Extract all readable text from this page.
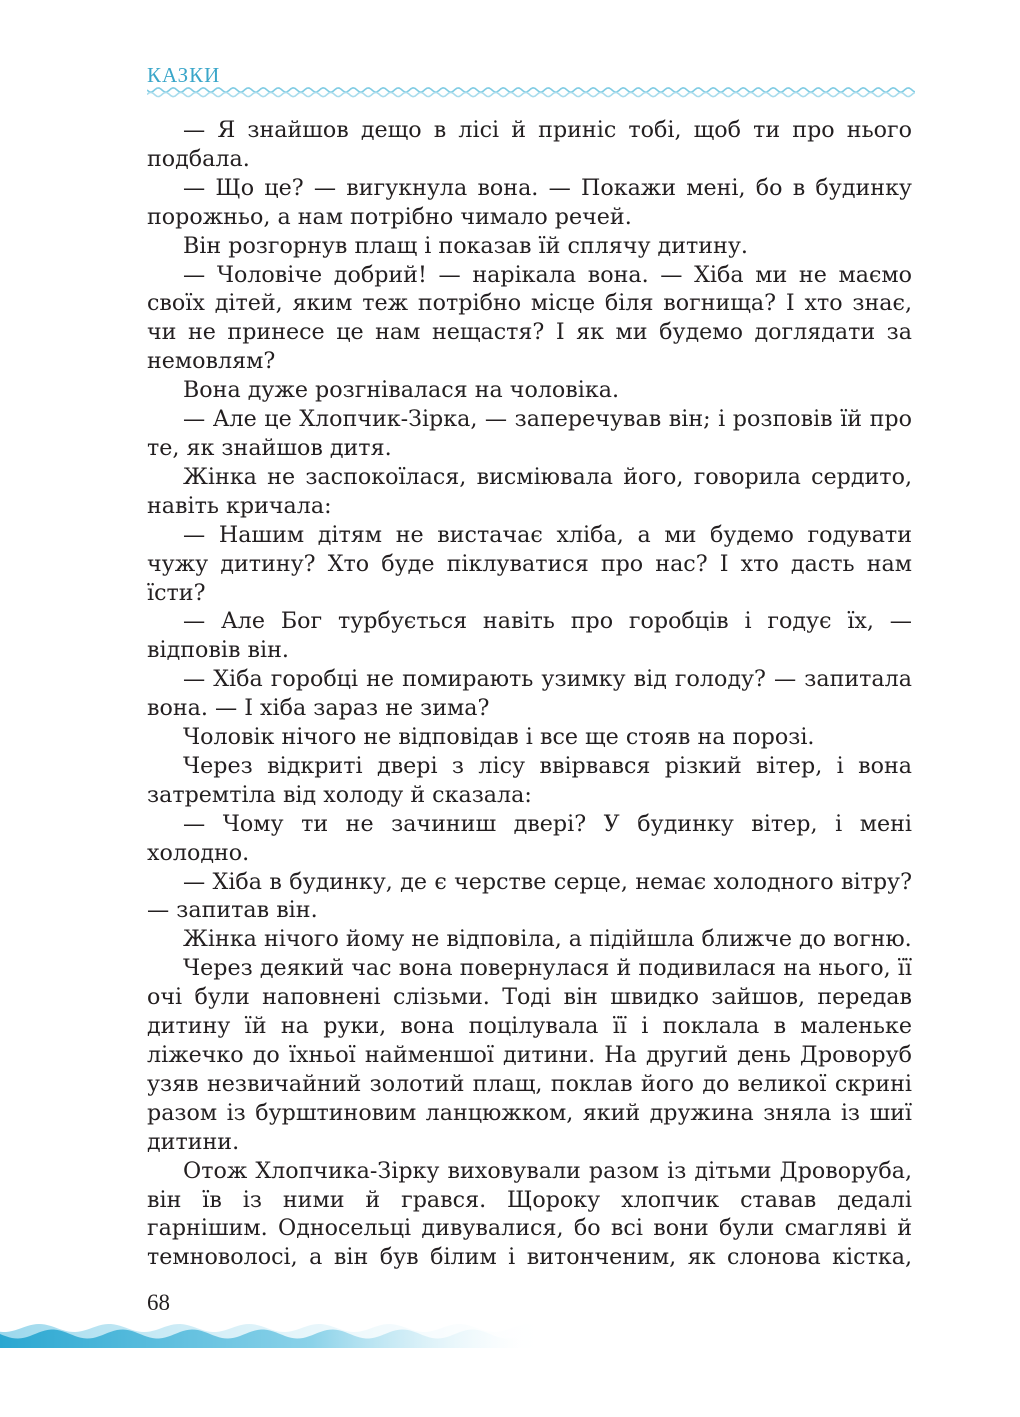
КАЗКИ

— Я знайшов дещо в лісі й приніс тобі, щоб ти про нього подбала.

— Що це? — вигукнула вона. — Покажи мені, бо в будинку порожньо, а нам потрібно чимало речей.

Він розгорнув плащ і показав їй сплячу дитину.

— Чоловіче добрий! — нарікала вона. — Хіба ми не маємо своїх дітей, яким теж потрібно місце біля вогнища? І хто знає, чи не принесе це нам нещастя? І як ми будемо доглядати за немовлям?

Вона дуже розгнівалася на чоловіка.

— Але це Хлопчик-Зірка, — заперечував він; і розповів їй про те, як знайшов дитя.

Жінка не заспокоїлася, висміювала його, говорила сердито, навіть кричала:

— Нашим дітям не вистачає хліба, а ми будемо годувати чужу дитину? Хто буде піклуватися про нас? І хто дасть нам їсти?

— Але Бог турбується навіть про горобців і годує їх, — відповів він.

— Хіба горобці не помирають узимку від голоду? — запитала вона. — І хіба зараз не зима?

Чоловік нічого не відповідав і все ще стояв на порозі.

Через відкриті двері з лісу ввірвався різкий вітер, і вона затремтіла від холоду й сказала:

— Чому ти не зачиниш двері? У будинку вітер, і мені холодно.

— Хіба в будинку, де є черстве серце, немає холодного вітру? — запитав він.

Жінка нічого йому не відповіла, а підійшла ближче до вогню.

Через деякий час вона повернулася й подивилася на нього, її очі були наповнені слізьми. Тоді він швидко зайшов, передав дитину їй на руки, вона поцілувала її і поклала в маленьке ліжечко до їхньої найменшої дитини. На другий день Дроворуб узяв незвичайний золотий плащ, поклав його до великої скрині разом із бурштиновим ланцюжком, який дружина зняла із шиї дитини.

Отож Хлопчика-Зірку виховували разом із дітьми Дроворуба, він їв із ними й грався. Щороку хлопчик ставав дедалі гарнішим. Односельці дивувалися, бо всі вони були смагляві й темноволосі, а він був білим і витонченим, як слонова кістка,

68
